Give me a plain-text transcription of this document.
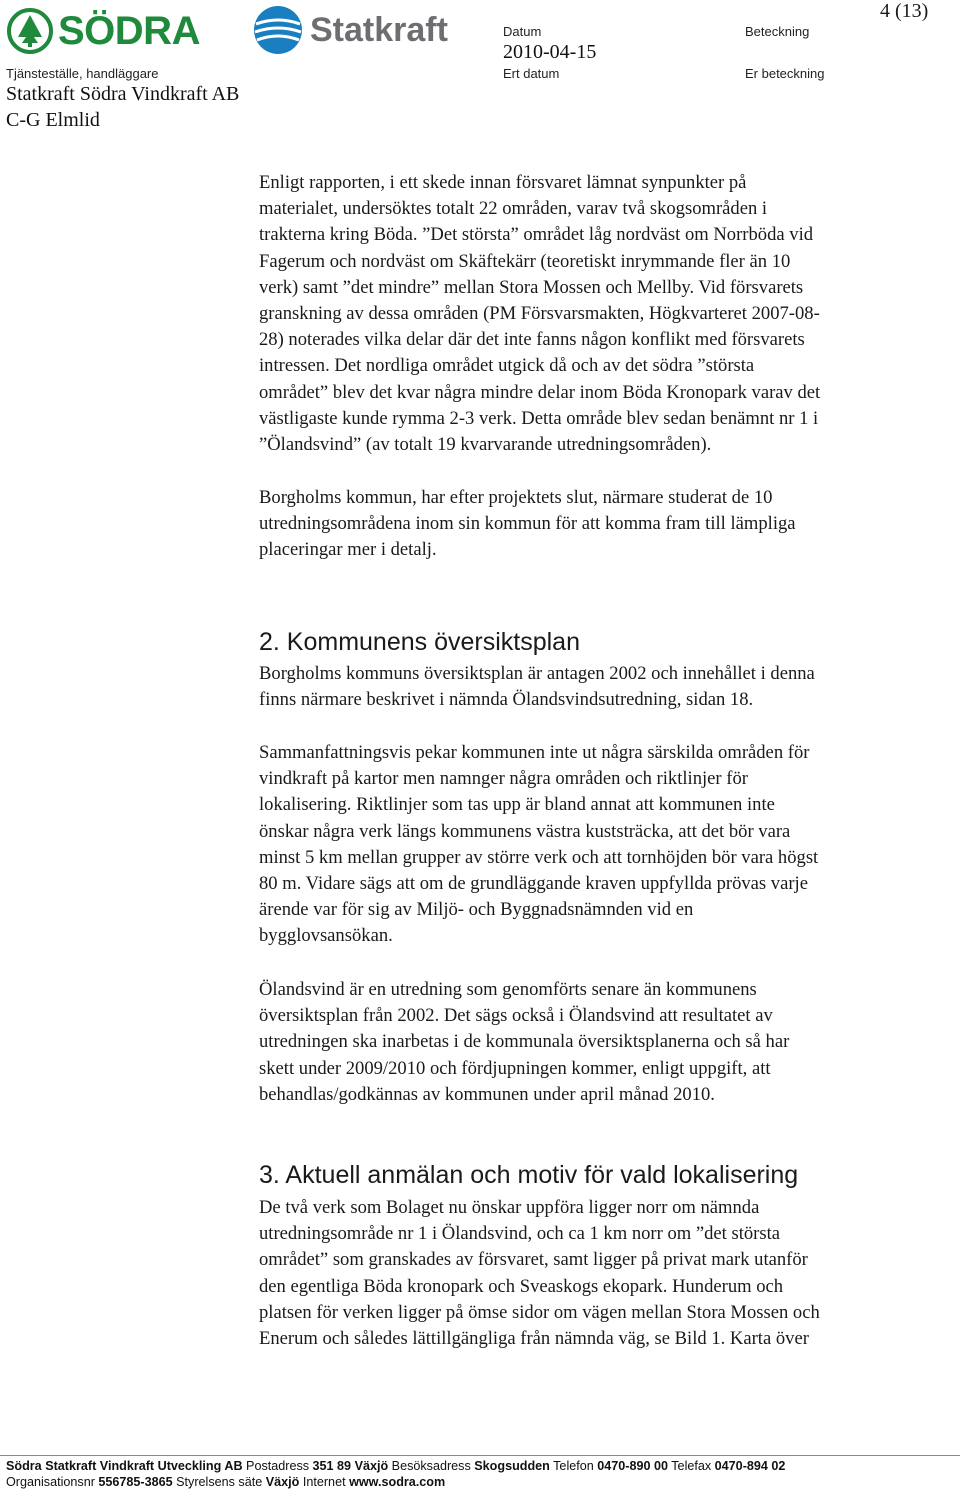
SÖDRA	Statkraft
Tjänsteställe, handläggare
Statkraft Södra Vindkraft AB
C-G Elmlid
Datum
2010-04-15
Ert datum
Beteckning
Er beteckning
4 (13)

Enligt rapporten, i ett skede innan försvaret lämnat synpunkter på

materialet, undersöktes totalt 22 områden, varav två skogsområden i

trakterna kring Böda. ”Det största” området låg nordväst om Norrböda vid

Fagerum och nordväst om Skäftekärr (teoretiskt inrymmande fler än 10

verk) samt ”det mindre” mellan Stora Mossen och Mellby. Vid försvarets

granskning av dessa områden (PM Försvarsmakten, Högkvarteret 2007-08-

28) noterades vilka delar där det inte fanns någon konflikt med försvarets

intressen. Det nordliga området utgick då och av det södra ”största

området” blev det kvar några mindre delar inom Böda Kronopark varav det

västligaste kunde rymma 2-3 verk. Detta område blev sedan benämnt nr 1 i

”Ölandsvind” (av totalt 19 kvarvarande utredningsområden).

Borgholms kommun, har efter projektets slut, närmare studerat de 10

utredningsområdena inom sin kommun för att komma fram till lämpliga

placeringar mer i detalj.

2. Kommunens översiktsplan

Borgholms kommuns översiktsplan är antagen 2002 och innehållet i denna

finns närmare beskrivet i nämnda Ölandsvindsutredning, sidan 18.

Sammanfattningsvis pekar kommunen inte ut några särskilda områden för

vindkraft på kartor men namnger några områden och riktlinjer för

lokalisering. Riktlinjer som tas upp är bland annat att kommunen inte

önskar några verk längs kommunens västra kuststräcka, att det bör vara

minst 5 km mellan grupper av större verk och att tornhöjden bör vara högst

80 m. Vidare sägs att om de grundläggande kraven uppfyllda prövas varje

ärende var för sig av Miljö- och Byggnadsnämnden vid en

bygglovsansökan.

Ölandsvind är en utredning som genomförts senare än kommunens

översiktsplan från 2002. Det sägs också i Ölandsvind att resultatet av

utredningen ska inarbetas i de kommunala översiktsplanerna och så har

skett under 2009/2010 och fördjupningen kommer, enligt uppgift, att

behandlas/godkännas av kommunen under april månad 2010.

3. Aktuell anmälan och motiv för vald lokalisering

De två verk som Bolaget nu önskar uppföra ligger norr om nämnda

utredningsområde nr 1 i Ölandsvind, och ca 1 km norr om ”det största

området” som granskades av försvaret, samt ligger på privat mark utanför

den egentliga Böda kronopark och Sveaskogs ekopark. Hunderum och

platsen för verken ligger på ömse sidor om vägen mellan Stora Mossen och

Enerum och således lättillgängliga från nämnda väg, se Bild 1. Karta över

Södra Statkraft Vindkraft Utveckling AB Postadress 351 89 Växjö Besöksadress Skogsudden Telefon 0470-890 00 Telefax 0470-894 02
Organisationsnr 556785-3865 Styrelsens säte Växjö Internet www.sodra.com
